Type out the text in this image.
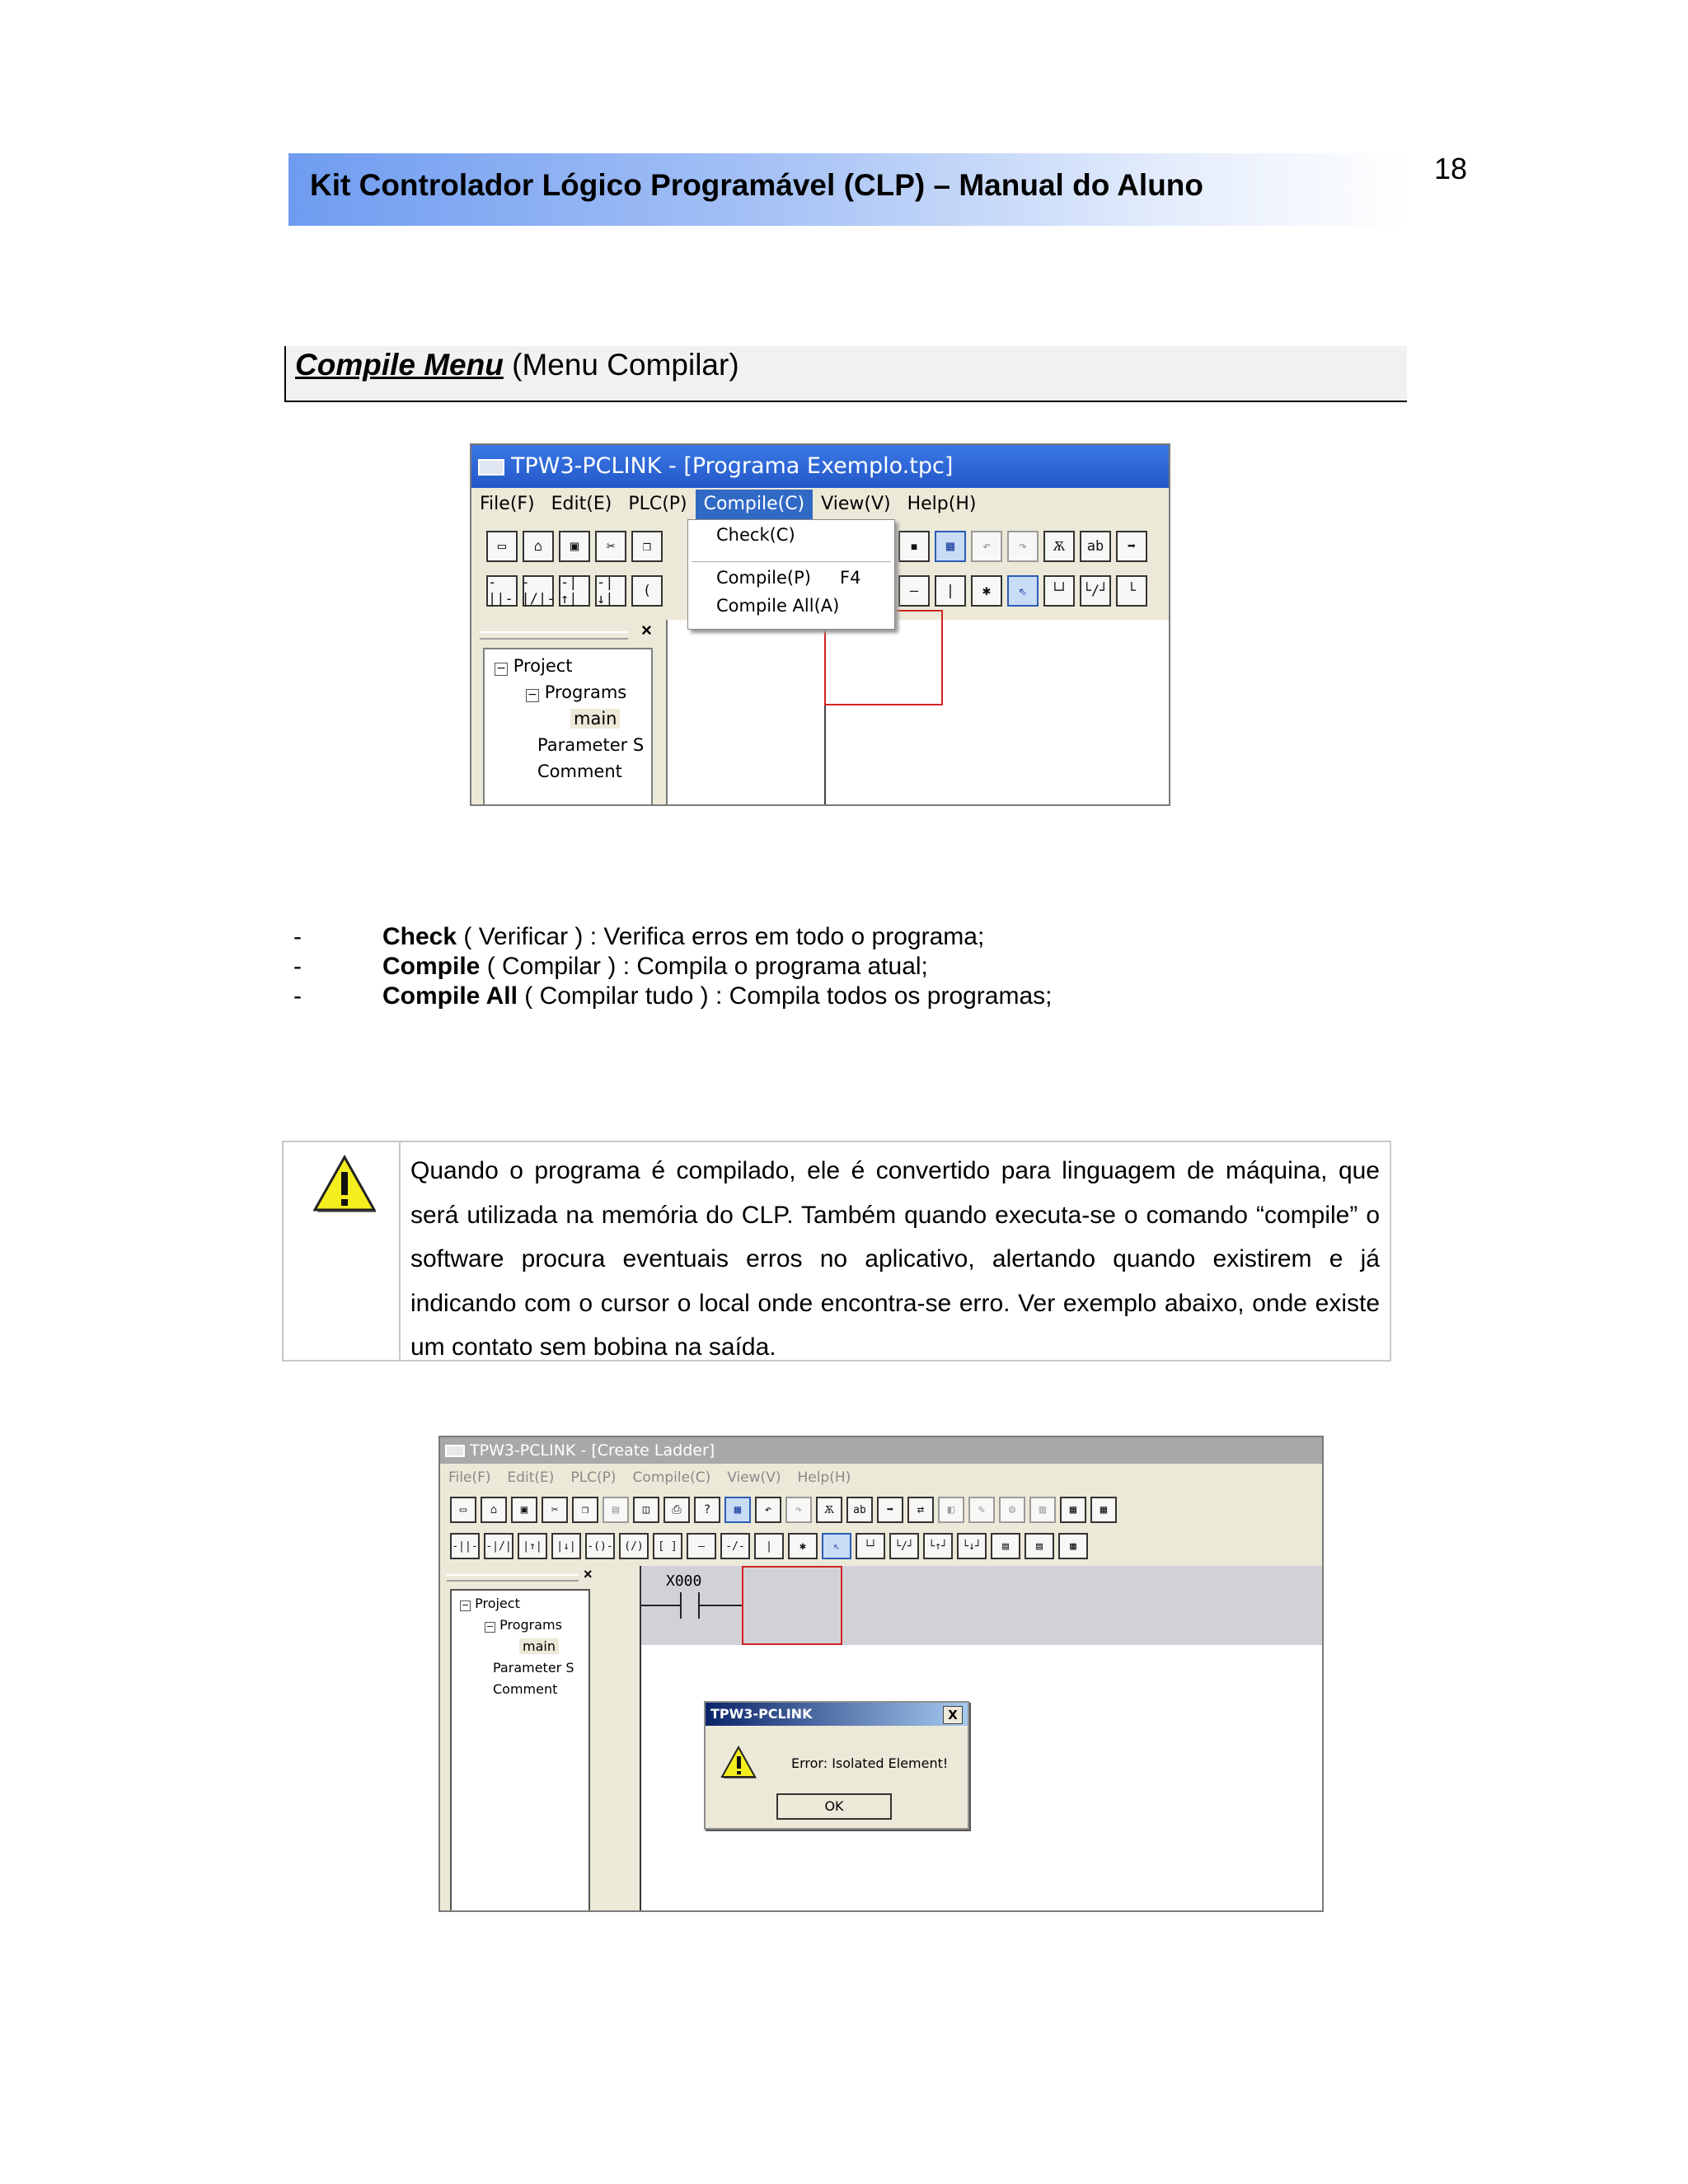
Kit Controlador Lógico Programável (CLP) – Manual do Aluno	18
Compile Menu (Menu Compilar)
TPW3-PCLINK - [Programa Exemplo.tpc]
File(F) Edit(E) PLC(P) Compile(C) View(V) Help(H)
▭	⌂	▣	✂	❐	▪	▦	↶	↷	Ѫ	ab	➡
-||-
-|/|-
-|↑|
-|↓|	(	—	|	✱	⇖	└┘	└/┘	└
×
− Project
− Programs
main
Parameter S
Comment
Check(C)
Compile(P) F4
Compile All(A)
-	Check ( Verificar ) : Verifica erros em todo o programa;
-	Compile ( Compilar ) : Compila o programa atual;
-	Compile All ( Compilar tudo ) : Compila todos os programas;
Quando o programa é compilado, ele é convertido para linguagem de máquina, que será utilizada na memória do CLP. Também quando executa-se o comando “compile” o software procura eventuais erros no aplicativo, alertando quando existirem e já indicando com o cursor o local onde encontra-se erro. Ver exemplo abaixo, onde existe um contato sem bobina na saída.
TPW3-PCLINK - [Create Ladder]
File(F)	Edit(E)	PLC(P)	Compile(C)	View(V)	Help(H)
▭	⌂	▣	✂	❐	▤	◫	⎙	?	▦	↶	↷	Ѫ	ab	➡	⇄	◧	✎	⚙	▥	▦	▦
-||- -|/|	|↑|	|↓|	-()-	(/)	[ ]	—	-/-	|	✱	⇖	└┘	└/┘	└↑┘	└↓┘	▤	▤	▦
×
− Project
− Programs
main
Parameter S
Comment
X000
TPW3-PCLINK	X
Error: Isolated Element!
OK
